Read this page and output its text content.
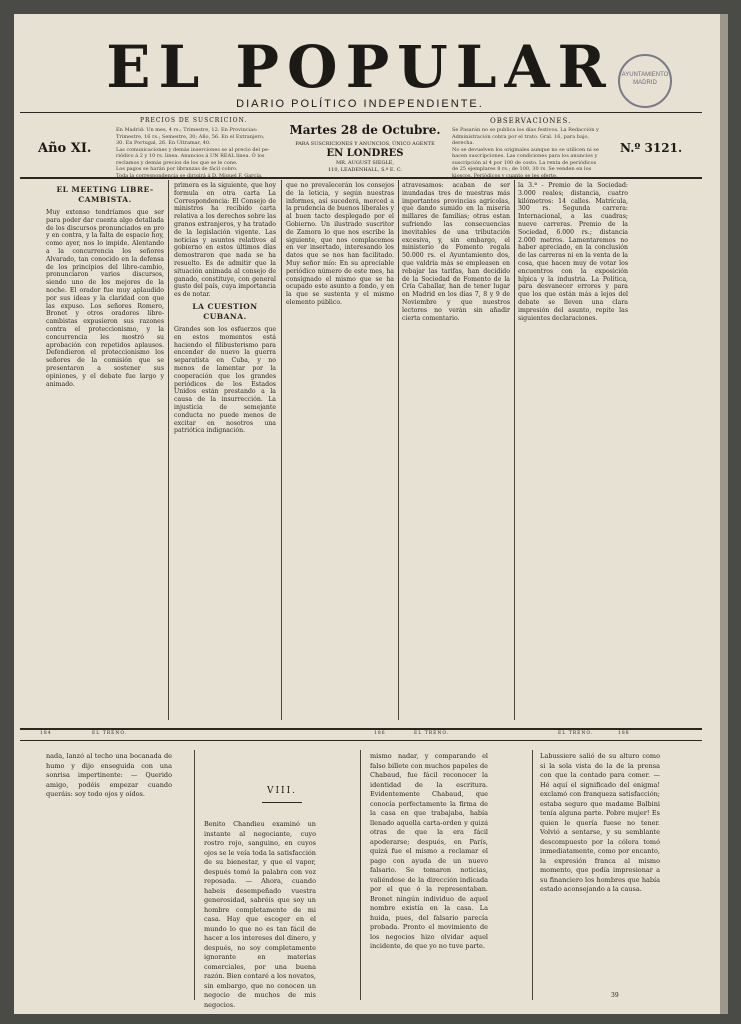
EL POPULAR
DIARIO POLÍTICO INDEPENDIENTE.
AYUNTAMIENTO MADRID
Año XI.
PRECIOS DE SUSCRICION.
En Madrid: Un mes, 4 rs.; Trimestre, 12. En Provincias:
Trimestre, 16 rs.; Semestre, 30; Año, 56. En el Extranjero,
30. En Portugal, 26. En Ultramar, 40.
Las comunicaciones y demás inserciones se al precio del pe-
riódico á 2 y 10 rs. linea. Anuncios á UN REAL linea. Ó los
reclamos y demás precios de los que se le cone.
Los pagos se harán por libranzas de fácil cobro.
Toda la correspondencia se dirigirá á D. Miguel F. García.
Martes 28 de Octubre.
PARA SUSCRICIONES Y ANUNCIOS, ÚNICO AGENTE
EN LONDRES
MR. AUGUST SIEGLE,
110, LEADENHALL, S.º E. C.
OBSERVACIONES.
Se Pasarán no se publica los días festivos. La Redacción y
Administración cobra por el trato. Gral. 16, para bajo, derecha.
No se devuelven los originales aunque no se utilicen ni se
hacen suscripciones. Las condiciones para los anuncios y
suscripción al 4 por 100 de costo. La renta de periódicos
de 25 ejemplares 8 rs.; de 100, 30 rs. Se venden en los
kioscos. Periódicos y cuanto se les oferte.
N.º 3121.
EL MEETING LIBRE-CAMBISTA.
Muy extenso tendríamos que ser para poder dar cuenta algo detallada de los discursos pronunciados en pro y en contra, y la falta de espacio hoy, como ayer, nos lo impide. Alentando a la concurrencia los señores Alvarado, tan conocido en la defensa de los principios del libre-cambio, pronunciaron varios discursos, siendo uno de los mejores de la noche. El orador fue muy aplaudido por sus ideas y la claridad con que las expuso. Los señores Romero, Bronet y otros oradores libre-cambistas expusieron sus razones contra el proteccionismo, y la concurrencia les mostró su aprobación con repetidos aplausos. Defendieron el proteccionismo los señores de la comisión que se presentaron a sostener sus opiniones, y el debate fue largo y animado.
primera es la siguiente, que hoy formula en otra carta La Correspondencia: El Consejo de ministros ha recibido carta relativa a los derechos sobre las granos extranjeros, y ha tratado de la legislación vigente. Las noticias y asuntos relativos al gobierno en estos últimos días demostraron que nada se ha resuelto. Es de admitir que la situación animada al consejo de ganado, constituye, con general gusto del país, cuya importancia es de notar.
LA CUESTION CUBANA.
Grandes son los esfuerzos que en estos momentos está haciendo el filibusterismo para encender de nuevo la guerra separatista en Cuba, y no menos de lamentar por la cooperación que los grandes periódicos de los Estados Unidos están prestando a la causa de la insurrección. La injusticia de semejante conducta no puede menos de excitar en nosotros una patriótica indignación.
que no prevalecerán los consejos de la leticia, y según nuestras informes, así sucederá, merced a la prudencia de buenos liberales y al buen tacto desplegado por el Gobierno. Un ilustrado suscritor de Zamora lo que nos escribe la siguiente, que nos complacemos en ver insertado, interesando los datos que se nos han facilitado. Muy señor mío: En su apreciable periódico número de este mes, ha consignado el mismo que se ha ocupado este asunto a fondo, y en la que se sustenta y el mismo elemento público.
atravesamos: acaban de ser inundadas tres de nuestras más importantes provincias agrícolas, que dando sumido en la miseria millares de familias; otras estan sufriendo las consecuencias inevitables de una tributación excesiva, y, sin embargo, el ministerio de Fomento regala 50.000 rs. el Ayuntamiento dos, que valdría más se empleasen en rebajar las tarifas, han decidido de la Sociedad de Fomento de la Cría Caballar, han de tener lugar en Madrid en los días 7, 8 y 9 de Noviembre y que nuestros lectores no verán sin añadir cierta comentario.
la 3.ª - Premio de la Sociedad: 3.000 reales; distancia, cuatro kilómetros: 14 calles. Matrícula, 300 rs. Segunda carrera: Internacional, a las cuadras; nueve carreras. Premio de la Sociedad, 6.000 rs.; distancia 2.000 metros. Lamentaremos no haber apreciado, en la conclusión de las carreras ni en la venta de la cosa, que hacen muy de votar los encuentros con la exposición hípica y la industria. La Política, para desvanecer errores y para que los que están más a lejos del debate se lleven una clara impresión del asunto, repite las siguientes declaraciones.
184	EL TRENO.	186	EL TRENO.	EL TRENO.	188
nada, lanzó al techo una bocanada de humo y dijo enseguida con una sonrisa impertinente: — Querido amigo, podéis empezar cuando queráis: soy todo ojos y oídos.	VIII.
Benito Chandieu examinó un instante al negociante, cuyo rostro rojo, sanguino, en cuyos ojos se le veía toda la satisfacción de su bienestar, y que el vapor, después tomó la palabra con voz reposada. — Ahora, cuando habeis desempeñado vuestra generosidad, sabréis que soy un hombre completamente de mi casa. Hay que escoger en el mundo lo que no es tan fácil de hacer a los intereses del dinero, y después, no soy completamente ignorante en materias comerciales, por una buena razón. Bien contaré a los novatos, sin embargo, que no conocen un negocio de muchos de mis negocios.
mismo nadar, y comparando el falso billete con muchos papeles de Chabaud, fue fácil reconocer la identidad de la escritura. Evidentemente Chabaud, que conocía perfectamente la firma de la casa en que trabajaba, había llenado aquella carta-orden y quizá otras de que la era fácil apoderarse; después, en París, quizá fue el mismo a reclamar el pago con ayuda de un nuevo falsario. Se tomaron noticias, valiéndose de la dirección indicada por el que ó la representaban. Bronet ningún individuo de aquel nombre existía en la casa. La huida, pues, del falsario parecía probada. Pronto el movimiento de los negocios hizo olvidar aquel incidente, de que yo no tuve parte.
Labussiere salió de su alturo como si la sola vista de la de la prensa con que la contado para comer. — Hé aquí el significado del enigma! exclamó con franqueza satisfacción; estaba seguro que madame Balbini tenía alguna parte. Pobre mujer! Es quien le quería fuese no tener. Volvió a sentarse, y su semblante descompuesto por la cólera tomó inmediatamente, como por encanto, la expresión franca al mismo momento, que podía impresionar a su financiero los hombres que había estado aconsejando a la causa.
39
